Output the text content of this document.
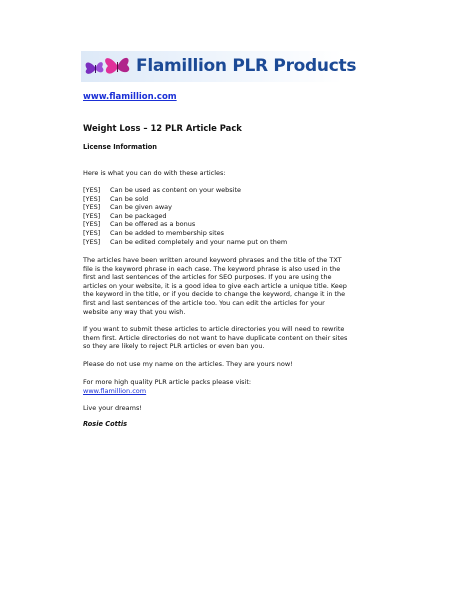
Flamillion PLR Products
www.flamillion.com
Weight Loss – 12 PLR Article Pack
License Information
Here is what you can do with these articles:
[YES] Can be used as content on your website
[YES] Can be sold
[YES] Can be given away
[YES] Can be packaged
[YES] Can be offered as a bonus
[YES] Can be added to membership sites
[YES] Can be edited completely and your name put on them
The articles have been written around keyword phrases and the title of the TXT
file is the keyword phrase in each case. The keyword phrase is also used in the
first and last sentences of the articles for SEO purposes. If you are using the
articles on your website, it is a good idea to give each article a unique title. Keep
the keyword in the title, or if you decide to change the keyword, change it in the
first and last sentences of the article too. You can edit the articles for your
website any way that you wish.
If you want to submit these articles to article directories you will need to rewrite
them first. Article directories do not want to have duplicate content on their sites
so they are likely to reject PLR articles or even ban you.
Please do not use my name on the articles. They are yours now!
For more high quality PLR article packs please visit:
www.flamillion.com
Live your dreams!
Rosie Cottis
